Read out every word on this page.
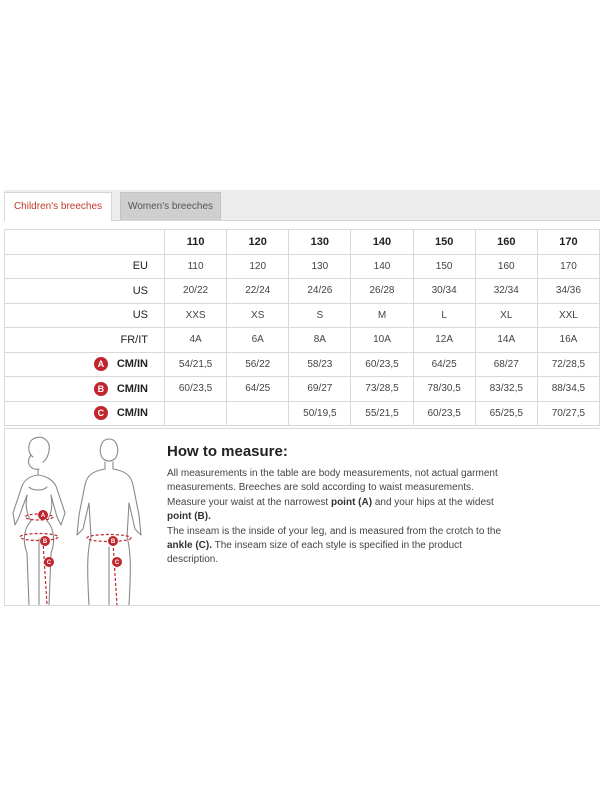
Children's breeches	Women's breeches
	110	120	130	140	150	160	170
EU	110	120	130	140	150	160	170
US	20/22	22/24	24/26	26/28	30/34	32/34	34/36
US	XXS	XS	S	M	L	XL	XXL
FR/IT	4A	6A	8A	10A	12A	14A	16A

A CM/IN	54/21,5	56/22	58/23	60/23,5	64/25	68/27	72/28,5

B CM/IN	60/23,5	64/25	69/27	73/28,5	78/30,5	83/32,5	88/34,5

C CM/IN			50/19,5	55/21,5	60/23,5	65/25,5	70/27,5
A
B
C
B
C
How to measure:

All measurements in the table are body measurements, not actual garment measurements. Breeches are sold according to waist measurements. Measure your waist at the narrowest point (A) and your hips at the widest point (B).
The inseam is the inside of your leg, and is measured from the crotch to the ankle (C). The inseam size of each style is specified in the product description.
